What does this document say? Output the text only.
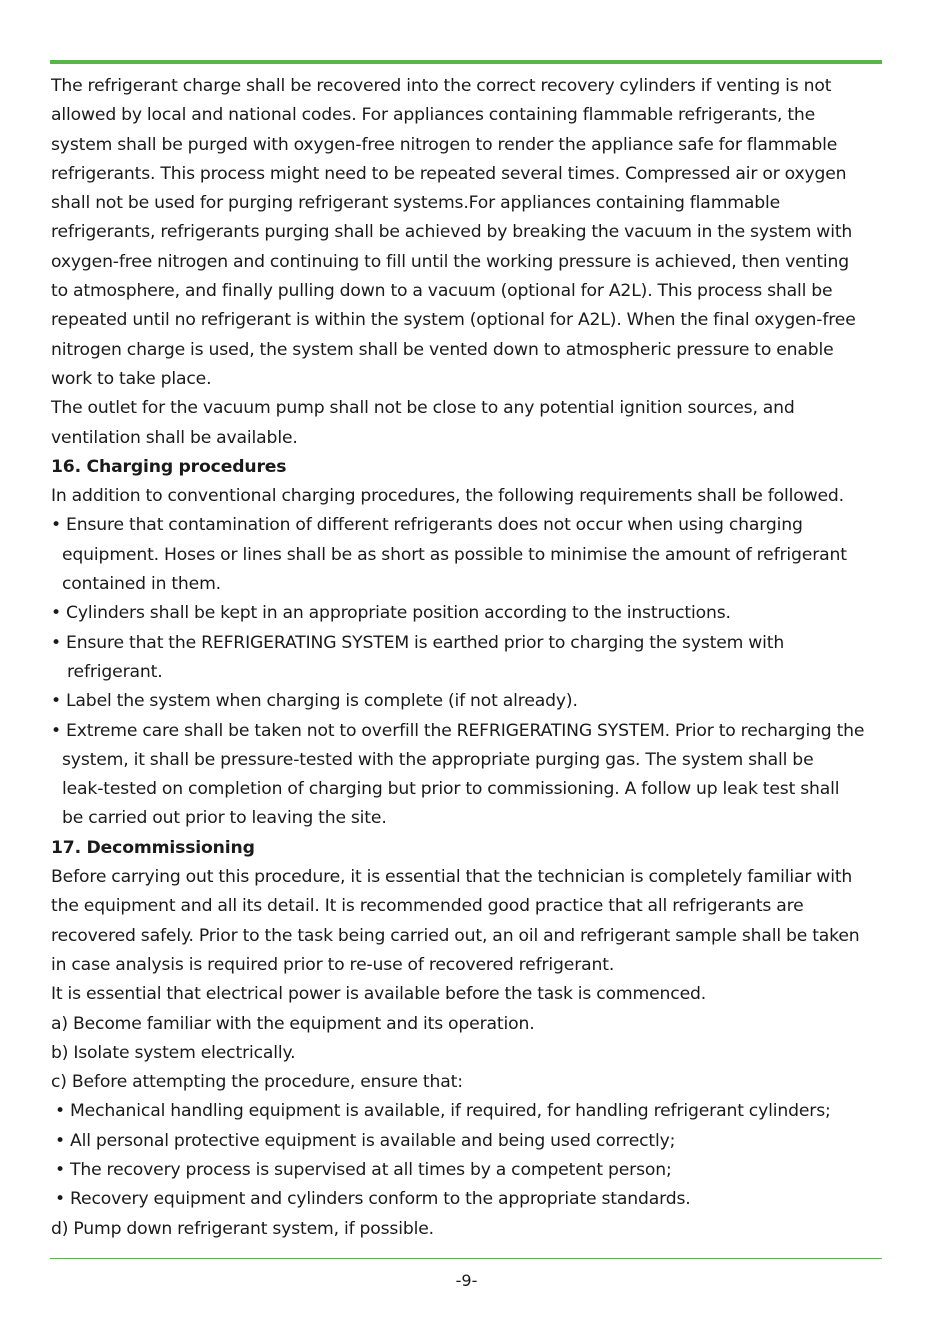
The refrigerant charge shall be recovered into the correct recovery cylinders if venting is not
allowed by local and national codes. For appliances containing flammable refrigerants, the
system shall be purged with oxygen-free nitrogen to render the appliance safe for flammable
refrigerants. This process might need to be repeated several times. Compressed air or oxygen
shall not be used for purging refrigerant systems.For appliances containing flammable
refrigerants, refrigerants purging shall be achieved by breaking the vacuum in the system with
oxygen-free nitrogen and continuing to fill until the working pressure is achieved, then venting
to atmosphere, and finally pulling down to a vacuum (optional for A2L). This process shall be
repeated until no refrigerant is within the system (optional for A2L). When the final oxygen-free
nitrogen charge is used, the system shall be vented down to atmospheric pressure to enable
work to take place.
The outlet for the vacuum pump shall not be close to any potential ignition sources, and
ventilation shall be available.
16. Charging procedures
In addition to conventional charging procedures, the following requirements shall be followed.
• Ensure that contamination of different refrigerants does not occur when using charging
equipment. Hoses or lines shall be as short as possible to minimise the amount of refrigerant
contained in them.
• Cylinders shall be kept in an appropriate position according to the instructions.
• Ensure that the REFRIGERATING SYSTEM is earthed prior to charging the system with
refrigerant.
• Label the system when charging is complete (if not already).
• Extreme care shall be taken not to overfill the REFRIGERATING SYSTEM. Prior to recharging the
system, it shall be pressure-tested with the appropriate purging gas. The system shall be
leak-tested on completion of charging but prior to commissioning. A follow up leak test shall
be carried out prior to leaving the site.
17. Decommissioning
Before carrying out this procedure, it is essential that the technician is completely familiar with
the equipment and all its detail. It is recommended good practice that all refrigerants are
recovered safely. Prior to the task being carried out, an oil and refrigerant sample shall be taken
in case analysis is required prior to re-use of recovered refrigerant.
It is essential that electrical power is available before the task is commenced.
a) Become familiar with the equipment and its operation.
b) Isolate system electrically.
c) Before attempting the procedure, ensure that:
• Mechanical handling equipment is available, if required, for handling refrigerant cylinders;
• All personal protective equipment is available and being used correctly;
• The recovery process is supervised at all times by a competent person;
• Recovery equipment and cylinders conform to the appropriate standards.
d) Pump down refrigerant system, if possible.
-9-
